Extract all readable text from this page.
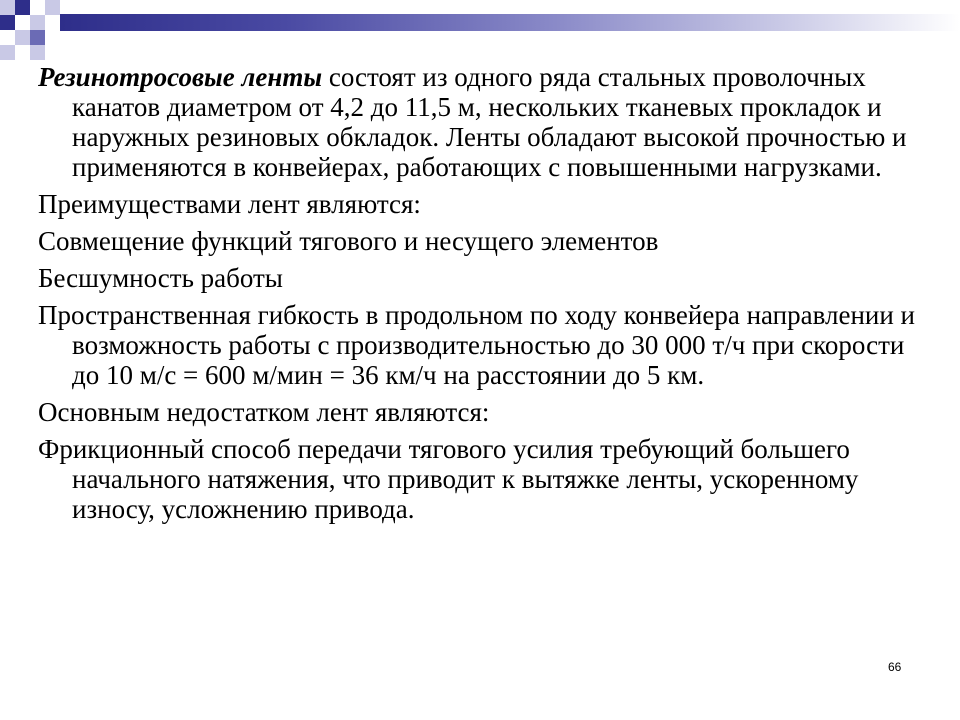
Резинотросовые ленты состоят из одного ряда стальных проволочных канатов диаметром от 4,2 до 11,5 м, нескольких тканевых прокладок и наружных резиновых обкладок. Ленты обладают высокой прочностью и применяются в конвейерах, работающих с повышенными нагрузками.

Преимуществами лент являются:

Совмещение функций тягового и несущего элементов

Бесшумность работы

Пространственная гибкость в продольном по ходу конвейера направлении и возможность работы с производительностью до 30 000 т/ч при скорости до 10 м/с = 600 м/мин = 36 км/ч на расстоянии до 5 км.

Основным недостатком лент являются:

Фрикционный способ передачи тягового усилия требующий большего начального натяжения, что приводит к вытяжке ленты, ускоренному износу, усложнению привода.

66
